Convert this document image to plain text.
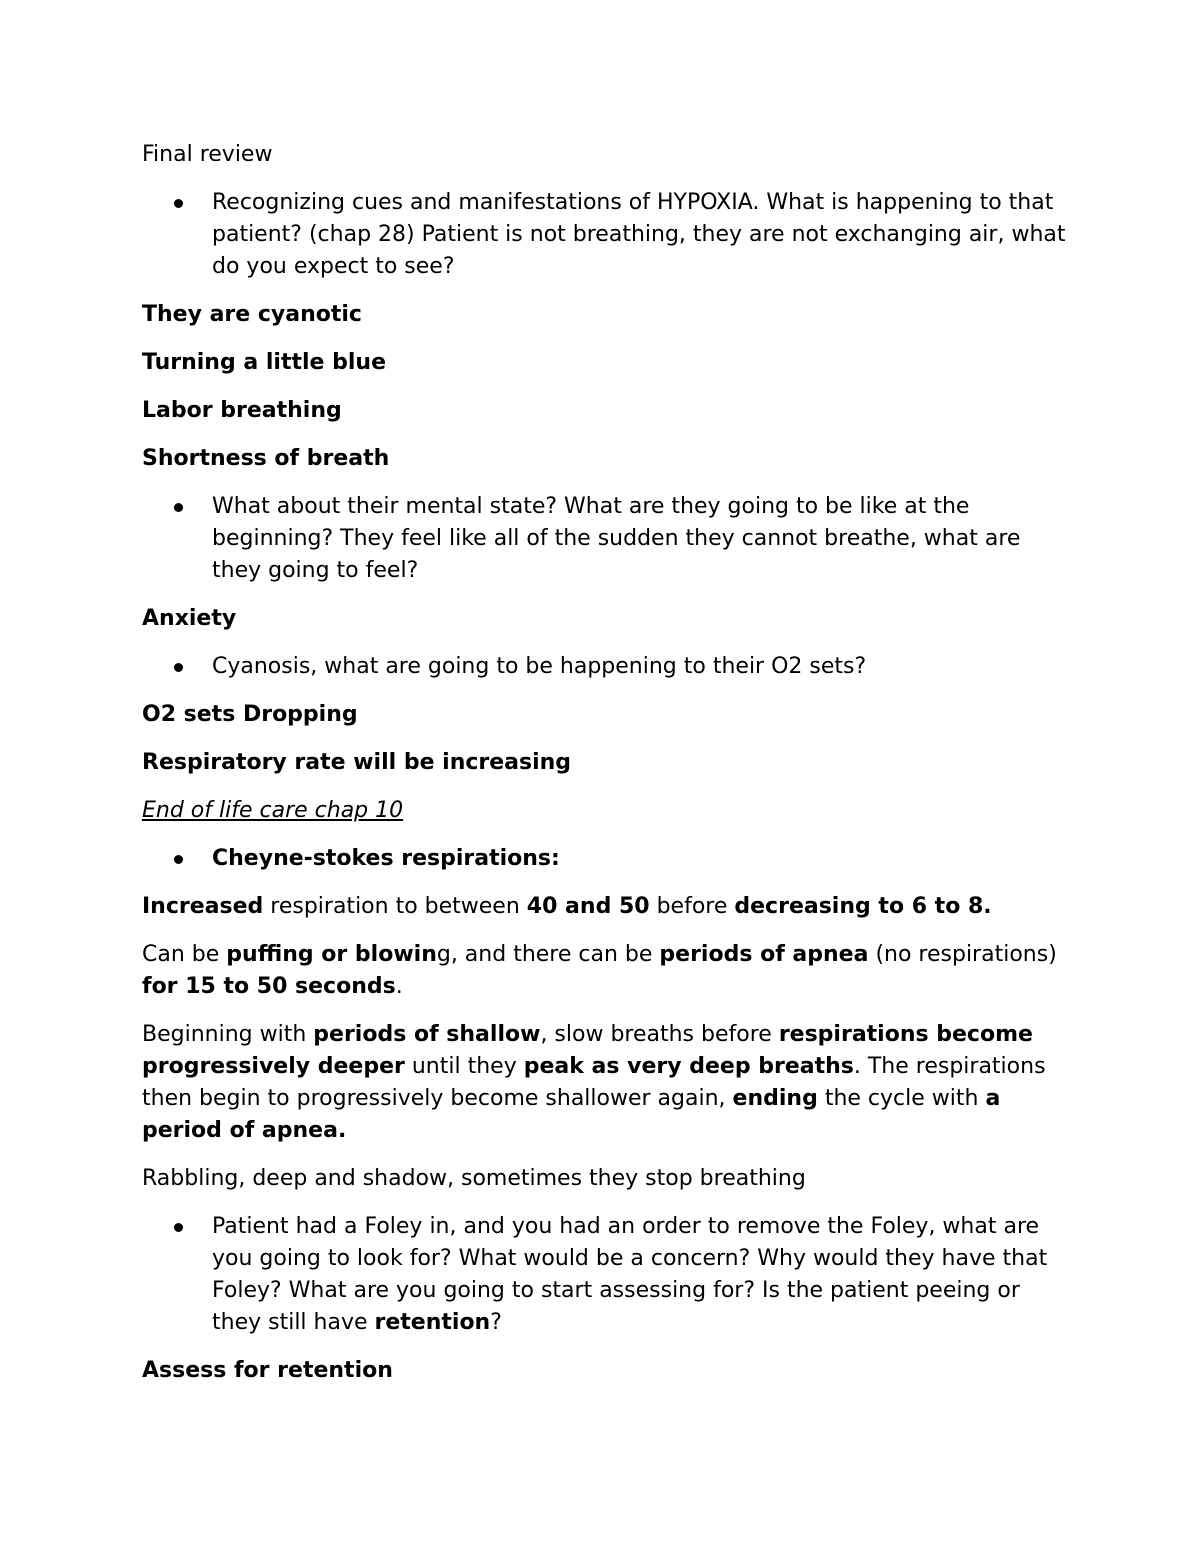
Final review

Recognizing cues and manifestations of HYPOXIA. What is happening to that patient? (chap 28) Patient is not breathing, they are not exchanging air, what do you expect to see?

They are cyanotic

Turning a little blue

Labor breathing

Shortness of breath

What about their mental state? What are they going to be like at the beginning? They feel like all of the sudden they cannot breathe, what are they going to feel?

Anxiety

Cyanosis, what are going to be happening to their O2 sets?

O2 sets Dropping

Respiratory rate will be increasing

End of life care chap 10

Cheyne-stokes respirations:

Increased respiration to between 40 and 50 before decreasing to 6 to 8.

Can be puffing or blowing, and there can be periods of apnea (no respirations) for 15 to 50 seconds.

Beginning with periods of shallow, slow breaths before respirations become progressively deeper until they peak as very deep breaths. The respirations then begin to progressively become shallower again, ending the cycle with a period of apnea.

Rabbling, deep and shadow, sometimes they stop breathing

Patient had a Foley in, and you had an order to remove the Foley, what are you going to look for? What would be a concern? Why would they have that Foley? What are you going to start assessing for? Is the patient peeing or they still have retention?

Assess for retention
